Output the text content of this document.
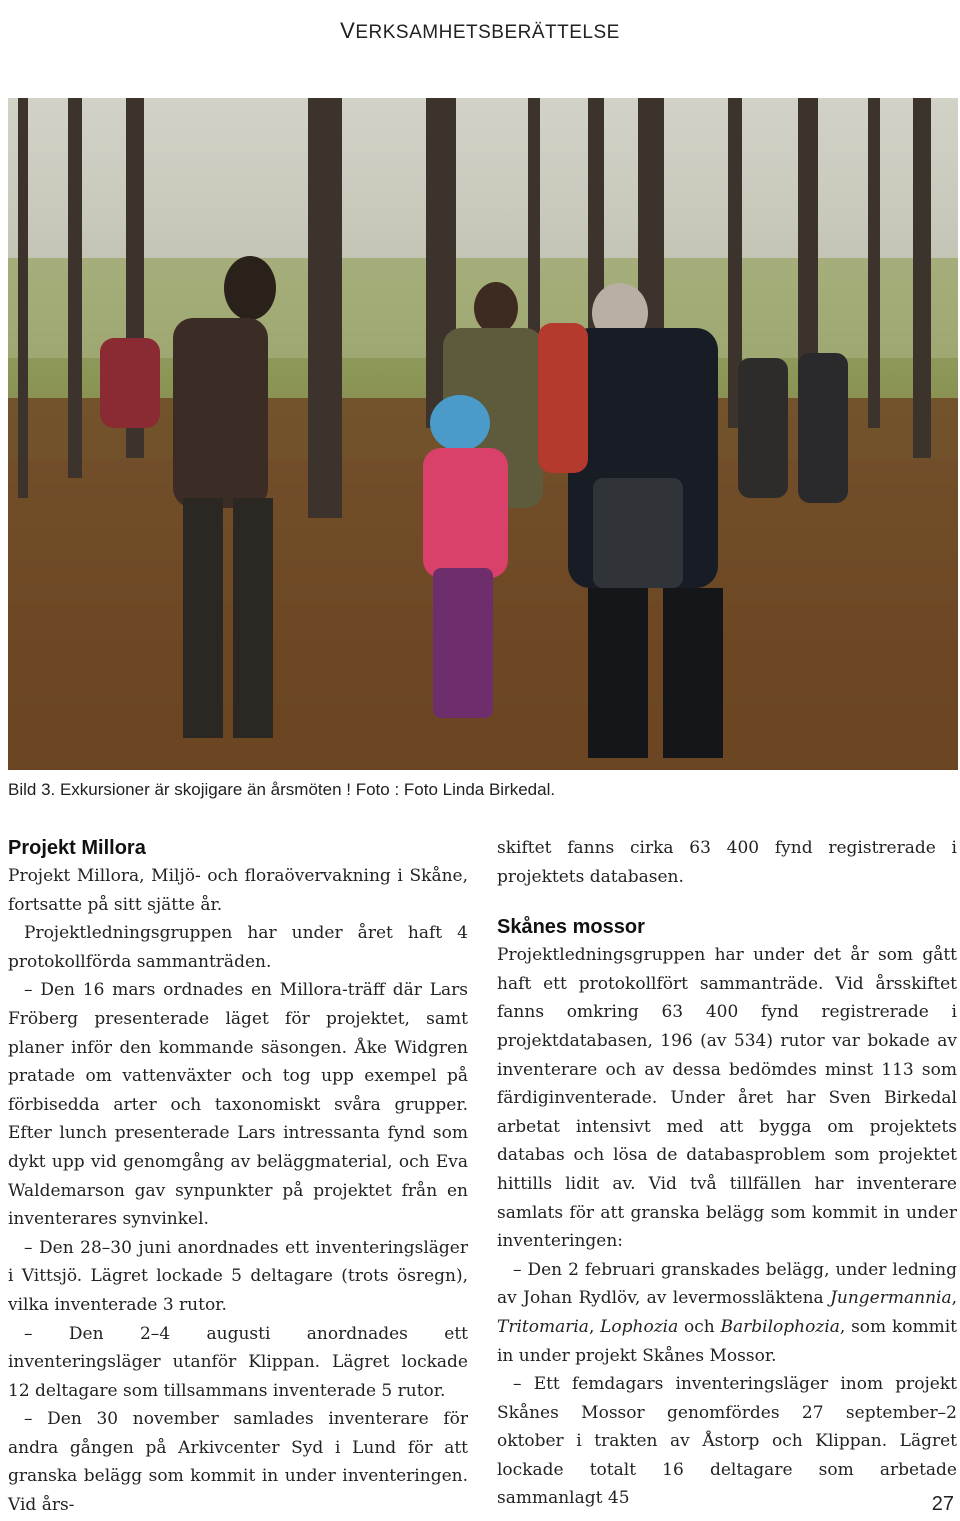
VERKSAMHETSBERÄTTELSE
Bild 3. Exkursioner är skojigare än årsmöten ! Foto : Foto Linda Birkedal.
Projekt Millora

Projekt Millora, Miljö- och floraövervakning i Skåne, fortsatte på sitt sjätte år.

Projektledningsgruppen har under året haft 4 protokollförda sammanträden.

– Den 16 mars ordnades en Millora-träff där Lars Fröberg presenterade läget för projektet, samt planer inför den kommande säsongen. Åke Widgren pratade om vattenväxter och tog upp exempel på förbisedda arter och taxonomiskt svåra grupper. Efter lunch presenterade Lars intressanta fynd som dykt upp vid genomgång av beläggmaterial, och Eva Waldemarson gav synpunkter på projektet från en inventerares synvinkel.

– Den 28–30 juni anordnades ett inventeringsläger i Vittsjö. Lägret lockade 5 deltagare (trots ösregn), vilka inventerade 3 rutor.

– Den 2–4 augusti anordnades ett inventeringsläger utanför Klippan. Lägret lockade 12 deltagare som tillsammans inventerade 5 rutor.

– Den 30 november samlades inventerare för andra gången på Arkivcenter Syd i Lund för att granska belägg som kommit in under inventeringen. Vid års-

skiftet fanns cirka 63 400 fynd registrerade i projektets databasen.

Skånes mossor

Projektledningsgruppen har under det år som gått haft ett protokollfört sammanträde. Vid årsskiftet fanns omkring 63 400 fynd registrerade i projektdatabasen, 196 (av 534) rutor var bokade av inventerare och av dessa bedömdes minst 113 som färdiginventerade. Under året har Sven Birkedal arbetat intensivt med att bygga om projektets databas och lösa de databasproblem som projektet hittills lidit av. Vid två tillfällen har inventerare samlats för att granska belägg som kommit in under inventeringen:

– Den 2 februari granskades belägg, under ledning av Johan Rydlöv, av levermossläktena Jungermannia, Tritomaria, Lophozia och Barbilophozia, som kommit in under projekt Skånes Mossor.

– Ett femdagars inventeringsläger inom projekt Skånes Mossor genomfördes 27 september–2 oktober i trakten av Åstorp och Klippan. Lägret lockade totalt 16 deltagare som arbetade sammanlagt 45	27
